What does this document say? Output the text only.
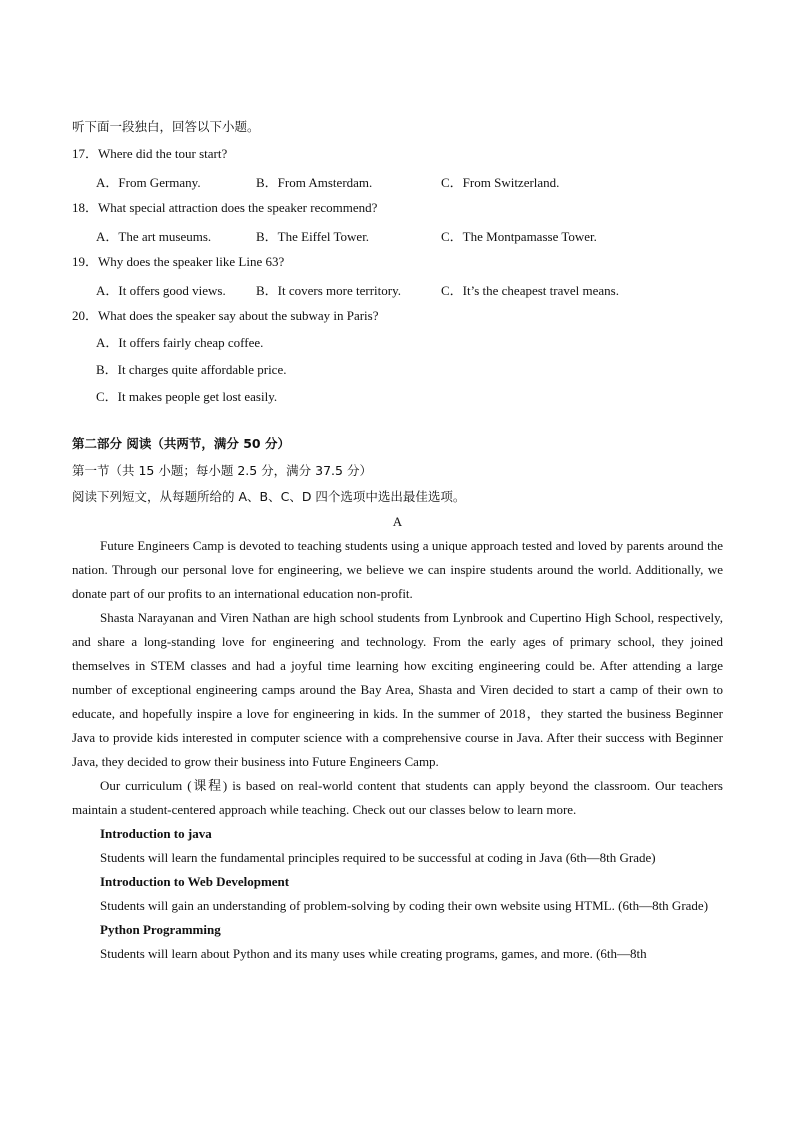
听下面一段独白，回答以下小题。
17．Where did the tour start?
A．From Germany.	B．From Amsterdam.	C．From Switzerland.
18．What special attraction does the speaker recommend?
A．The art museums.	B．The Eiffel Tower.	C．The Montpamasse Tower.
19．Why does the speaker like Line 63?
A．It offers good views. B．It covers more territory.	C．It’s the cheapest travel means.
20．What does the speaker say about the subway in Paris?
A．It offers fairly cheap coffee.
B．It charges quite affordable price.
C．It makes people get lost easily.
第二部分 阅读（共两节，满分 50 分）
第一节（共 15 小题；每小题 2.5 分，满分 37.5 分）
阅读下列短文，从每题所给的 A、B、C、D 四个选项中选出最佳选项。
A

Future Engineers Camp is devoted to teaching students using a unique approach tested and loved by parents around the nation. Through our personal love for engineering, we believe we can inspire students around the world. Additionally, we donate part of our profits to an international education non-profit.

Shasta Narayanan and Viren Nathan are high school students from Lynbrook and Cupertino High School, respectively, and share a long-standing love for engineering and technology. From the early ages of primary school, they joined themselves in STEM classes and had a joyful time learning how exciting engineering could be. After attending a large number of exceptional engineering camps around the Bay Area, Shasta and Viren decided to start a camp of their own to educate, and hopefully inspire a love for engineering in kids. In the summer of 2018，they started the business Beginner Java to provide kids interested in computer science with a comprehensive course in Java. After their success with Beginner Java, they decided to grow their business into Future Engineers Camp.

Our curriculum (课程) is based on real-world content that students can apply beyond the classroom. Our teachers maintain a student-centered approach while teaching. Check out our classes below to learn more.

Introduction to java
Students will learn the fundamental principles required to be successful at coding in Java (6th—8th Grade)
Introduction to Web Development
Students will gain an understanding of problem-solving by coding their own website using HTML. (6th—8th Grade)
Python Programming
Students will learn about Python and its many uses while creating programs, games, and more. (6th—8th
